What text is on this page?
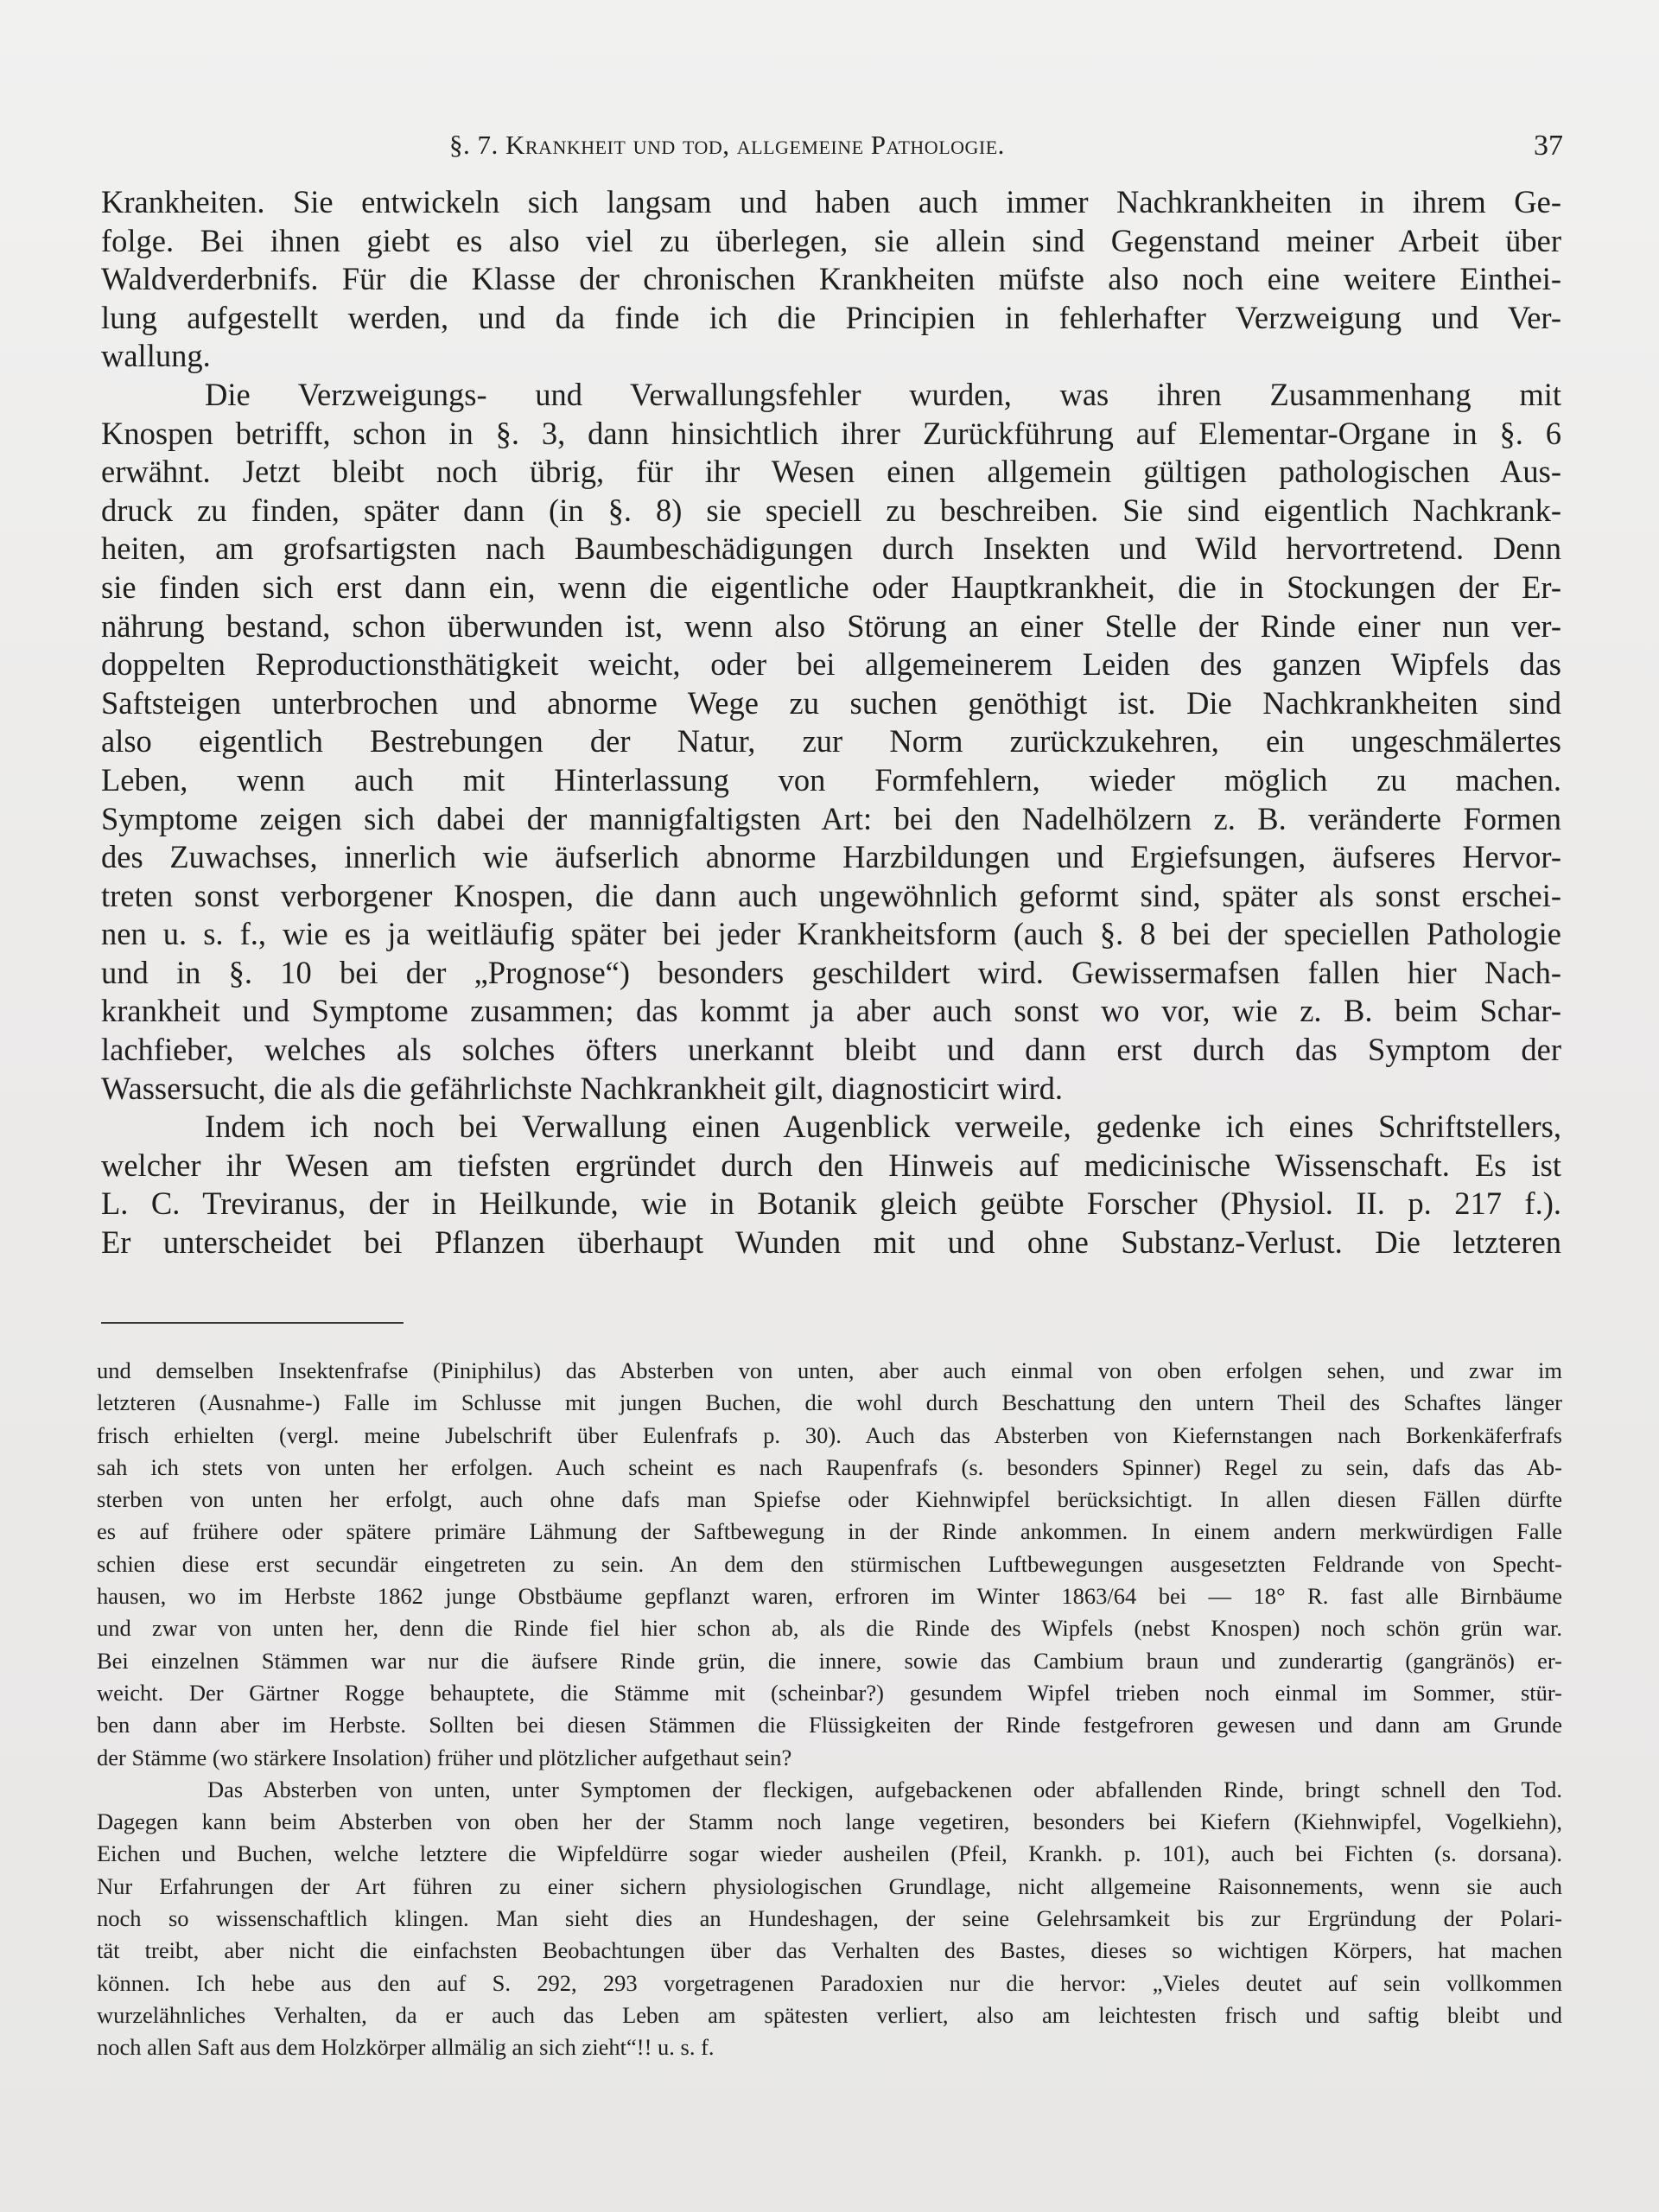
§. 7. Krankheit und tod, allgemeine Pathologie.	37
Krankheiten. Sie entwickeln sich langsam und haben auch immer Nachkrankheiten in ihrem Ge-
folge. Bei ihnen giebt es also viel zu überlegen, sie allein sind Gegenstand meiner Arbeit über
Waldverderbnifs. Für die Klasse der chronischen Krankheiten müfste also noch eine weitere Einthei-
lung aufgestellt werden, und da finde ich die Principien in fehlerhafter Verzweigung und Ver-
wallung.
Die Verzweigungs- und Verwallungsfehler wurden, was ihren Zusammenhang mit
Knospen betrifft, schon in §. 3, dann hinsichtlich ihrer Zurückführung auf Elementar-Organe in §. 6
erwähnt. Jetzt bleibt noch übrig, für ihr Wesen einen allgemein gültigen pathologischen Aus-
druck zu finden, später dann (in §. 8) sie speciell zu beschreiben. Sie sind eigentlich Nachkrank-
heiten, am grofsartigsten nach Baumbeschädigungen durch Insekten und Wild hervortretend. Denn
sie finden sich erst dann ein, wenn die eigentliche oder Hauptkrankheit, die in Stockungen der Er-
nährung bestand, schon überwunden ist, wenn also Störung an einer Stelle der Rinde einer nun ver-
doppelten Reproductionsthätigkeit weicht, oder bei allgemeinerem Leiden des ganzen Wipfels das
Saftsteigen unterbrochen und abnorme Wege zu suchen genöthigt ist. Die Nachkrankheiten sind
also eigentlich Bestrebungen der Natur, zur Norm zurückzukehren, ein ungeschmälertes
Leben, wenn auch mit Hinterlassung von Formfehlern, wieder möglich zu machen.
Symptome zeigen sich dabei der mannigfaltigsten Art: bei den Nadelhölzern z. B. veränderte Formen
des Zuwachses, innerlich wie äufserlich abnorme Harzbildungen und Ergiefsungen, äufseres Hervor-
treten sonst verborgener Knospen, die dann auch ungewöhnlich geformt sind, später als sonst erschei-
nen u. s. f., wie es ja weitläufig später bei jeder Krankheitsform (auch §. 8 bei der speciellen Pathologie
und in §. 10 bei der „Prognose“) besonders geschildert wird. Gewissermafsen fallen hier Nach-
krankheit und Symptome zusammen; das kommt ja aber auch sonst wo vor, wie z. B. beim Schar-
lachfieber, welches als solches öfters unerkannt bleibt und dann erst durch das Symptom der
Wassersucht, die als die gefährlichste Nachkrankheit gilt, diagnosticirt wird.
Indem ich noch bei Verwallung einen Augenblick verweile, gedenke ich eines Schriftstellers,
welcher ihr Wesen am tiefsten ergründet durch den Hinweis auf medicinische Wissenschaft. Es ist
L. C. Treviranus, der in Heilkunde, wie in Botanik gleich geübte Forscher (Physiol. II. p. 217 f.).
Er unterscheidet bei Pflanzen überhaupt Wunden mit und ohne Substanz-Verlust. Die letzteren
und demselben Insektenfrafse (Piniphilus) das Absterben von unten, aber auch einmal von oben erfolgen sehen, und zwar im
letzteren (Ausnahme-) Falle im Schlusse mit jungen Buchen, die wohl durch Beschattung den untern Theil des Schaftes länger
frisch erhielten (vergl. meine Jubelschrift über Eulenfrafs p. 30). Auch das Absterben von Kiefernstangen nach Borkenkäferfrafs
sah ich stets von unten her erfolgen. Auch scheint es nach Raupenfrafs (s. besonders Spinner) Regel zu sein, dafs das Ab-
sterben von unten her erfolgt, auch ohne dafs man Spiefse oder Kiehnwipfel berücksichtigt. In allen diesen Fällen dürfte
es auf frühere oder spätere primäre Lähmung der Saftbewegung in der Rinde ankommen. In einem andern merkwürdigen Falle
schien diese erst secundär eingetreten zu sein. An dem den stürmischen Luftbewegungen ausgesetzten Feldrande von Specht-
hausen, wo im Herbste 1862 junge Obstbäume gepflanzt waren, erfroren im Winter 1863/64 bei — 18° R. fast alle Birnbäume
und zwar von unten her, denn die Rinde fiel hier schon ab, als die Rinde des Wipfels (nebst Knospen) noch schön grün war.
Bei einzelnen Stämmen war nur die äufsere Rinde grün, die innere, sowie das Cambium braun und zunderartig (gangränös) er-
weicht. Der Gärtner Rogge behauptete, die Stämme mit (scheinbar?) gesundem Wipfel trieben noch einmal im Sommer, stür-
ben dann aber im Herbste. Sollten bei diesen Stämmen die Flüssigkeiten der Rinde festgefroren gewesen und dann am Grunde
der Stämme (wo stärkere Insolation) früher und plötzlicher aufgethaut sein?
Das Absterben von unten, unter Symptomen der fleckigen, aufgebackenen oder abfallenden Rinde, bringt schnell den Tod.
Dagegen kann beim Absterben von oben her der Stamm noch lange vegetiren, besonders bei Kiefern (Kiehnwipfel, Vogelkiehn),
Eichen und Buchen, welche letztere die Wipfeldürre sogar wieder ausheilen (Pfeil, Krankh. p. 101), auch bei Fichten (s. dorsana).
Nur Erfahrungen der Art führen zu einer sichern physiologischen Grundlage, nicht allgemeine Raisonnements, wenn sie auch
noch so wissenschaftlich klingen. Man sieht dies an Hundeshagen, der seine Gelehrsamkeit bis zur Ergründung der Polari-
tät treibt, aber nicht die einfachsten Beobachtungen über das Verhalten des Bastes, dieses so wichtigen Körpers, hat machen
können. Ich hebe aus den auf S. 292, 293 vorgetragenen Paradoxien nur die hervor: „Vieles deutet auf sein vollkommen
wurzelähnliches Verhalten, da er auch das Leben am spätesten verliert, also am leichtesten frisch und saftig bleibt und
noch allen Saft aus dem Holzkörper allmälig an sich zieht“!! u. s. f.
